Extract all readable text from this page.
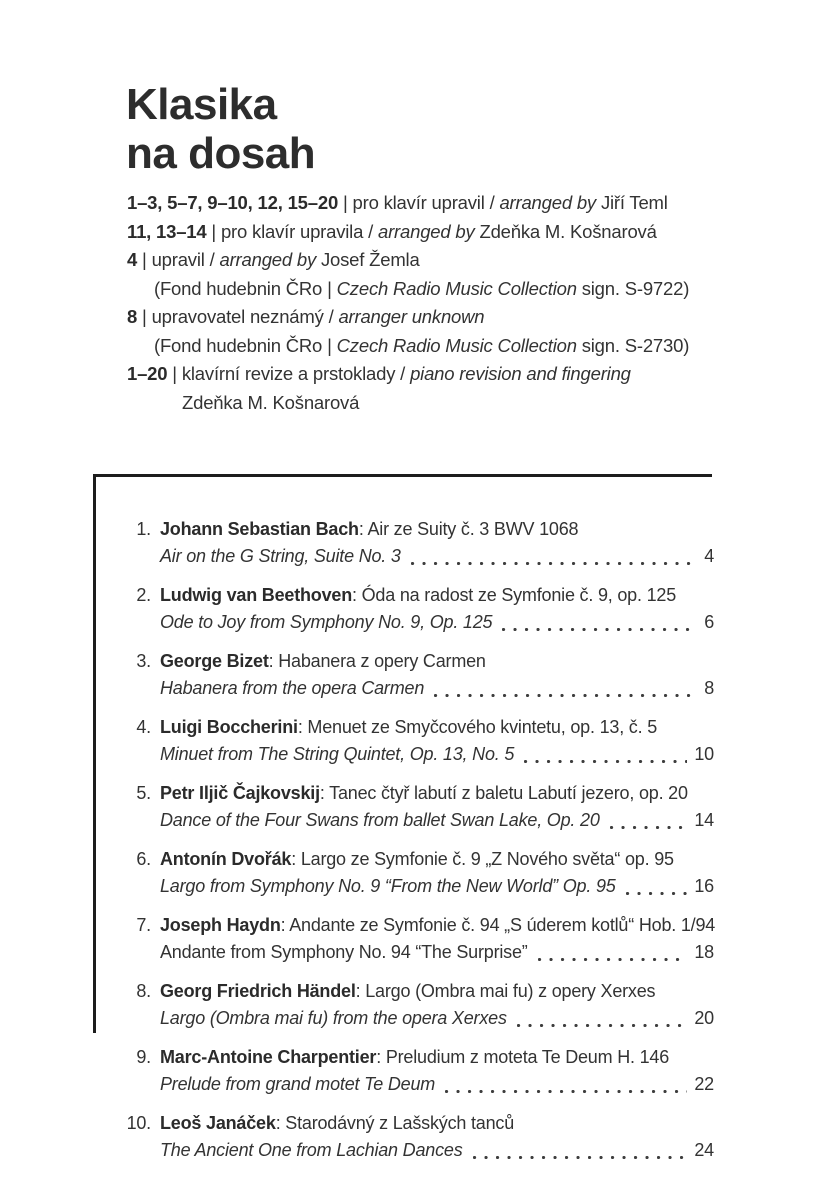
Klasika
na dosah
1–3, 5–7, 9–10, 12, 15–20 | pro klavír upravil / arranged by Jiří Teml
11, 13–14 | pro klavír upravila / arranged by Zdeňka M. Košnarová
4 | upravil / arranged by Josef Žemla
(Fond hudebnin ČRo | Czech Radio Music Collection sign. S-9722)
8 | upravovatel neznámý / arranger unknown
(Fond hudebnin ČRo | Czech Radio Music Collection sign. S-2730)
1–20 | klavírní revize a prstoklady / piano revision and fingering
Zdeňka M. Košnarová
1. Johann Sebastian Bach: Air ze Suity č. 3 BWV 1068
Air on the G String, Suite No. 3	4
2. Ludwig van Beethoven: Óda na radost ze Symfonie č. 9, op. 125
Ode to Joy from Symphony No. 9, Op. 125	6
3. George Bizet: Habanera z opery Carmen
Habanera from the opera Carmen	8
4. Luigi Boccherini: Menuet ze Smyčcového kvintetu, op. 13, č. 5
Minuet from The String Quintet, Op. 13, No. 5	10
5. Petr Iljič Čajkovskij: Tanec čtyř labutí z baletu Labutí jezero, op. 20
Dance of the Four Swans from ballet Swan Lake, Op. 20	14
6. Antonín Dvořák: Largo ze Symfonie č. 9 „Z Nového světa“ op. 95
Largo from Symphony No. 9 “From the New World” Op. 95	16
7. Joseph Haydn: Andante ze Symfonie č. 94 „S úderem kotlů“ Hob. 1/94
Andante from Symphony No. 94 “The Surprise”	18
8. Georg Friedrich Händel: Largo (Ombra mai fu) z opery Xerxes
Largo (Ombra mai fu) from the opera Xerxes	20
9. Marc-Antoine Charpentier: Preludium z moteta Te Deum H. 146
Prelude from grand motet Te Deum	22
10. Leoš Janáček: Starodávný z Lašských tanců
The Ancient One from Lachian Dances	24
